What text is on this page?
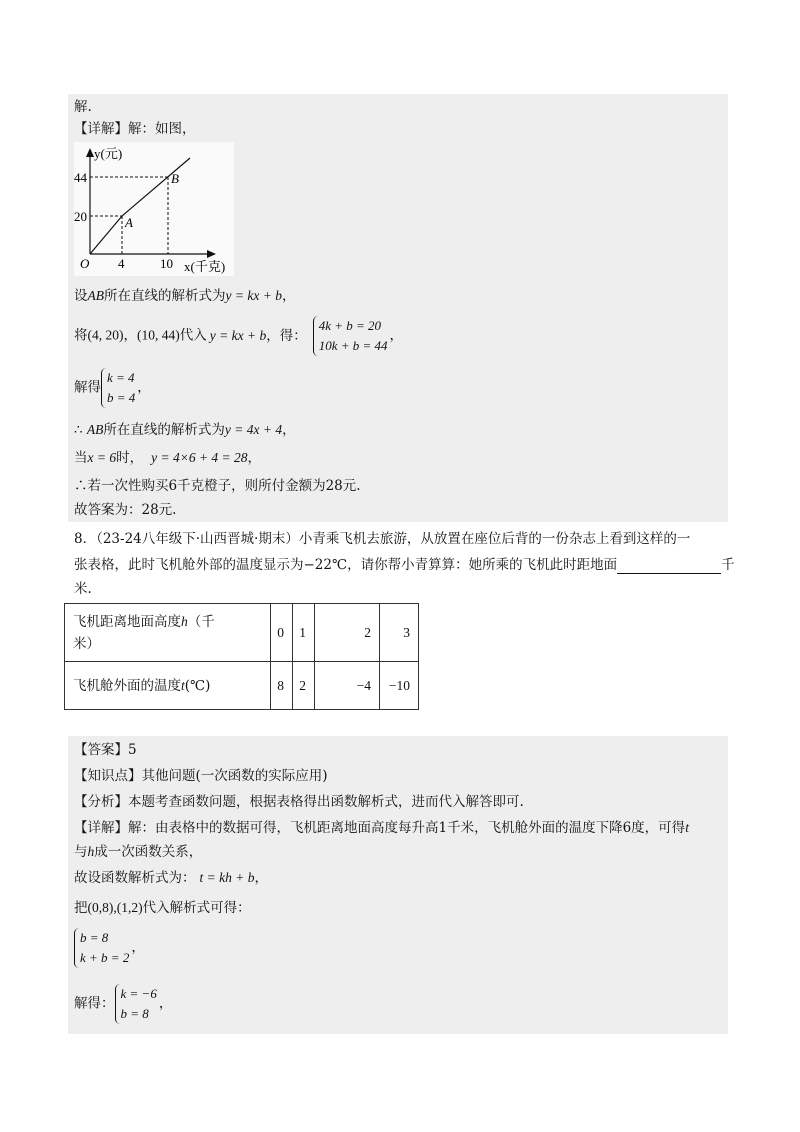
解.
【详解】解：如图，
y(元)
x(千克)
O
44
20
4	10
A
B
设AB所在直线的解析式为y = kx + b，
将(4, 20)，(10, 44)代入 y = kx + b，得：4k + b = 20
10k + b = 44，
解得k = 4
b = 4，
∴ AB所在直线的解析式为y = 4x + 4，
当x = 6时， y = 4×6 + 4 = 28，
∴若一次性购买6千克橙子，则所付金额为28元.
故答案为：28元.
8．（23-24八年级下·山西晋城·期末）小青乘飞机去旅游，从放置在座位后背的一份杂志上看到这样的一
张表格，此时飞机舱外部的温度显示为−22℃，请你帮小青算算：她所乘的飞机此时距地面	千
米.
飞机距离地面高度h（千
米）	0	1	2	3
飞机舱外面的温度t(℃)	8	2	−4	−10
【答案】5
【知识点】其他问题(一次函数的实际应用)
【分析】本题考查函数问题，根据表格得出函数解析式，进而代入解答即可.
【详解】解：由表格中的数据可得，飞机距离地面高度每升高1千米，飞机舱外面的温度下降6度，可得t
与h成一次函数关系，
故设函数解析式为： t = kh + b，
把(0,8),(1,2)代入解析式可得：
b = 8
k + b = 2，
解得：k = −6
b = 8，
